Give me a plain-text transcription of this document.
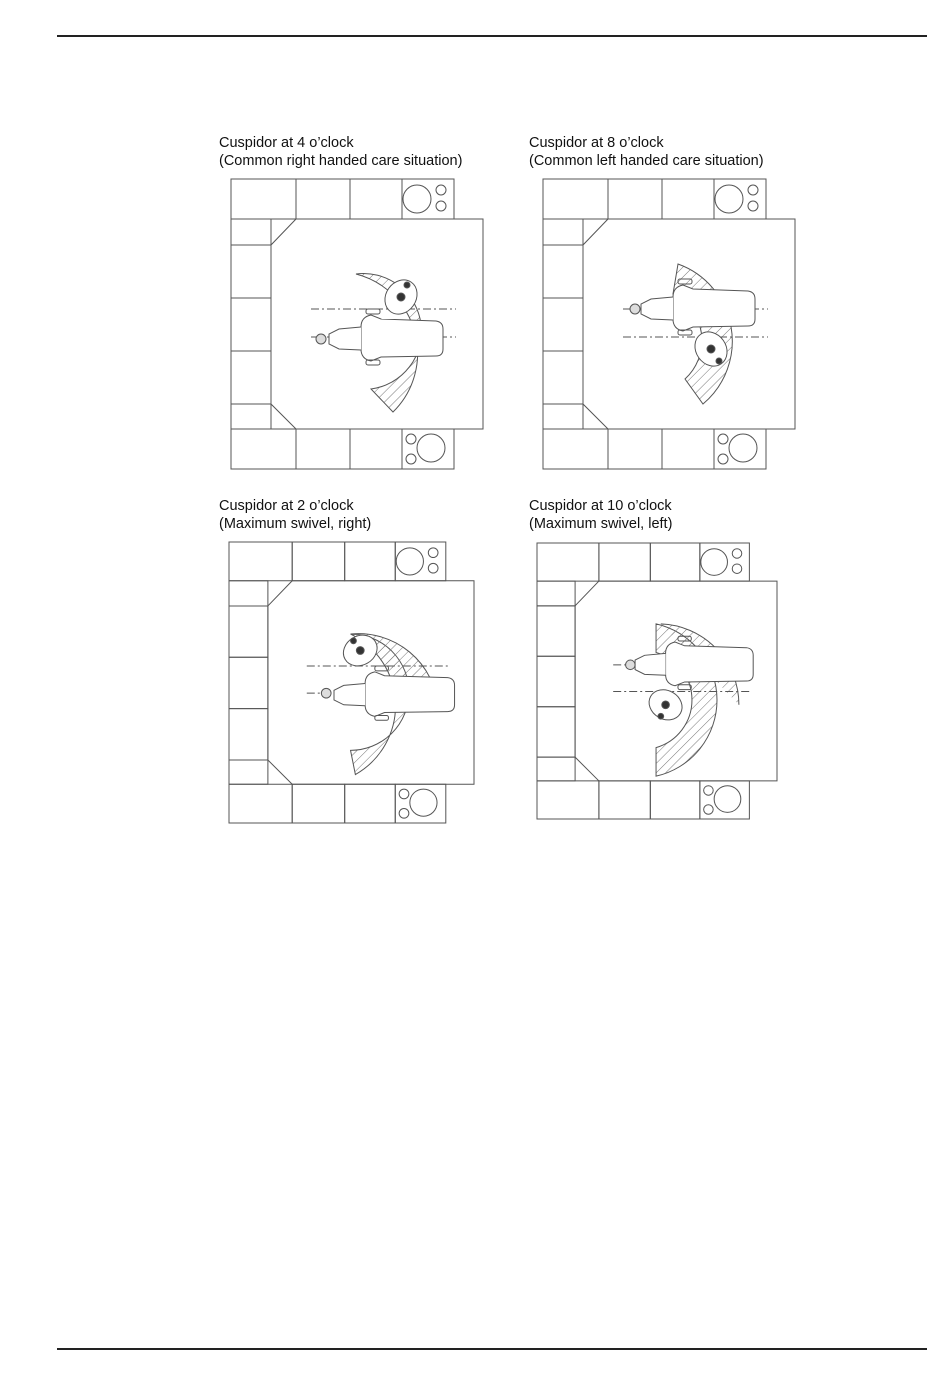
Cuspidor at 4 o’clock
(Common right handed care situation)
Cuspidor at 8 o’clock
(Common left handed care situation)
Cuspidor at 2 o’clock
(Maximum swivel, right)
Cuspidor at 10 o’clock
(Maximum swivel, left)
